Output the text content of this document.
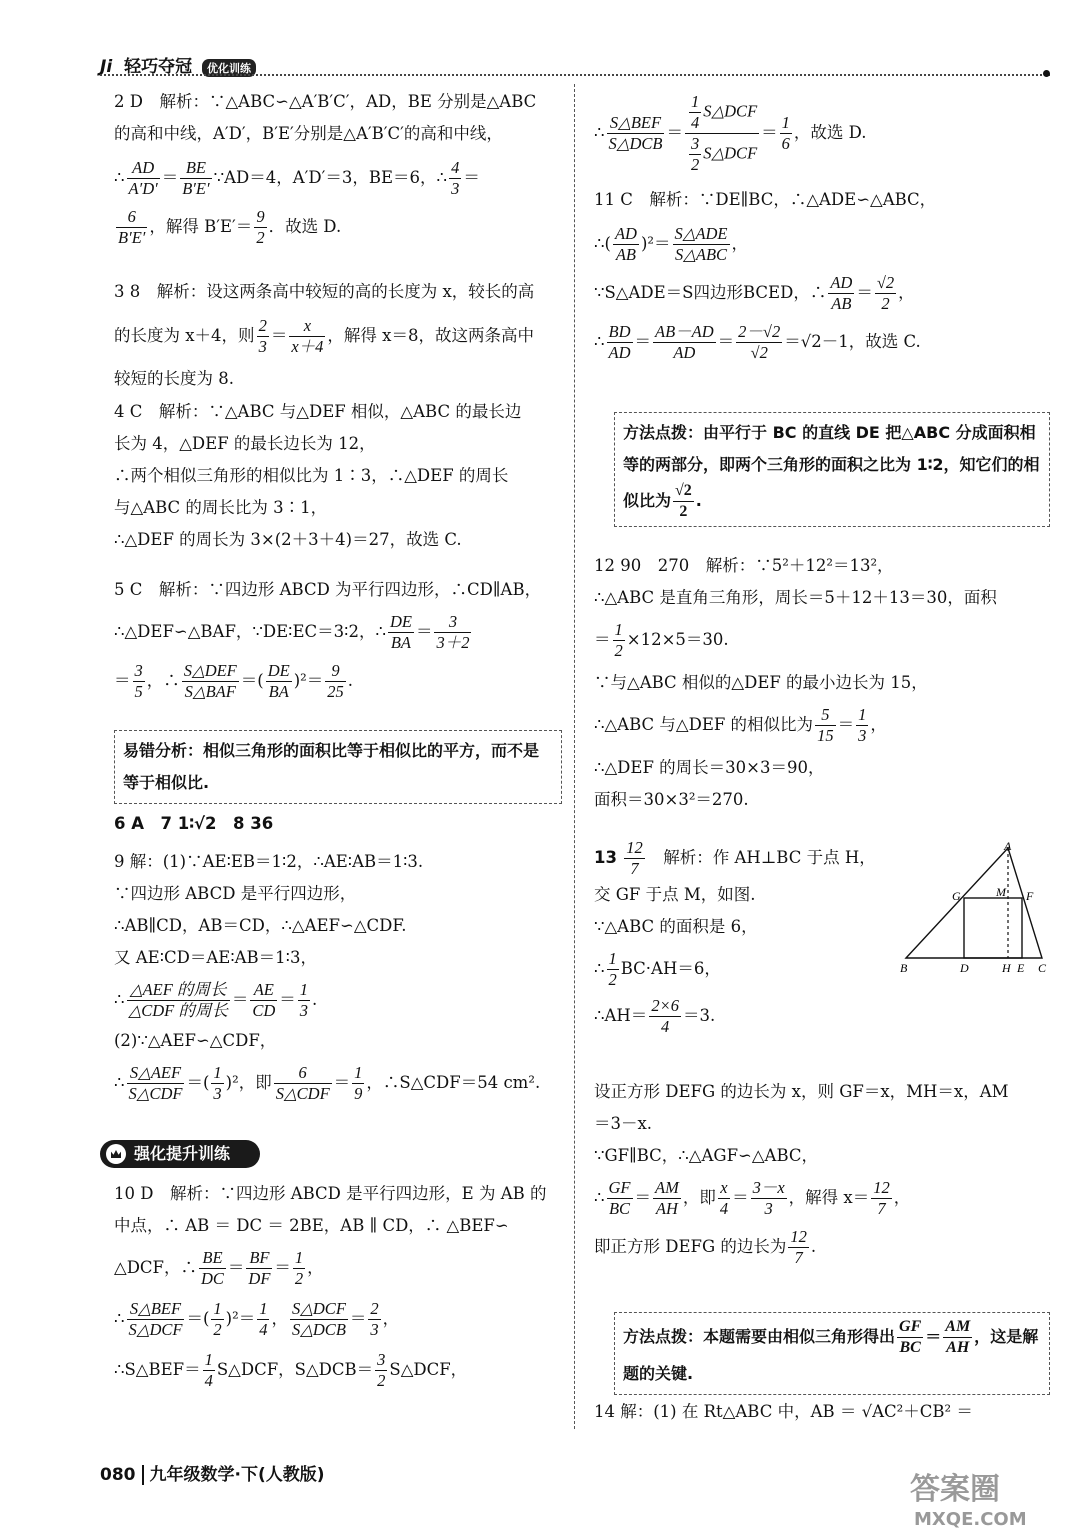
Ji 轻巧夺冠 优化训练
2 D　解析：∵△ABC∽△A′B′C′，AD，BE 分别是△ABC
的高和中线，A′D′，B′E′分别是△A′B′C′的高和中线，
∴ $\frac{AD}{A'D'} = \frac{BE}{B'E'}$ ∵AD＝4，A′D′＝3，BE＝6，∴ $\frac{4}{3}$ ＝
$\frac{6}{B'E'}$ ，解得 $B'E'= \frac{9}{2}$ ．故选 D.
3 8　解析：设这两条高中较短的高的长度为 x，较长的高
的长度为 x＋4，则 $\frac{2}{3} = \frac{x}{x+4}$ ，解得 x＝8，故这两条高中
较短的长度为 8.
4 C　解析：∵△ABC 与△DEF 相似，△ABC 的最长边
长为 4，△DEF 的最长边长为 12，
∴两个相似三角形的相似比为 1∶3，∴△DEF 的周长
与△ABC 的周长比为 3∶1，
∴△DEF 的周长为 3×(2＋3＋4)＝27，故选 C.
5 C　解析：∵四边形 ABCD 为平行四边形，∴CD∥AB，
∴△DEF∽△BAF，∵DE∶EC＝3∶2，∴ $\frac{DE}{BA} = \frac{3}{3+2}$
＝ $\frac{3}{5}$ ，∴ $\frac{\text{S△DEF}}{\text{S△BAF}}$ ＝( $\frac{DE}{BA} )^2= \frac{9}{25}$ .
6 A　7 1∶√2　8 36
9 解：(1)∵AE∶EB＝1∶2，∴AE∶AB＝1∶3.
∵四边形 ABCD 是平行四边形，
∴AB∥CD，AB＝CD，∴△AEF∽△CDF.
又 AE∶CD＝AE∶AB＝1∶3，
∴ $\frac{\text{△AEF 的周长}}{\text{△CDF 的周长}} = \frac{AE}{CD} = \frac{1}{3}$ .
(2)∵△AEF∽△CDF，
∴ $\frac{\text{S△AEF}}{\text{S△CDF}}$ ＝( $\frac{1}{3} )^2$，即 $\frac{6}{\text{S△CDF}} = \frac{1}{9}$ ，∴S△CDF＝54 cm².
10 D　解析：∵四边形 ABCD 是平行四边形，E 为 AB 的
中点，∴ AB ＝ DC ＝ 2BE，AB ∥ CD，∴ △BEF∽
△DCF，∴ $\frac{BE}{DC} = \frac{BF}{DF} = \frac{1}{2}$ ，
∴ $\frac{\text{S△BEF}}{\text{S△DCF}}$ ＝( $\frac{1}{2} )^2= \frac{1}{4}$ ， $\frac{\text{S△DCF}}{\text{S△DCB}} = \frac{2}{3}$ ，
∴S△BEF＝ $\frac{1}{4}$ S△DCF，S△DCB＝ $\frac{3}{2}$ S△DCF，
易错分析：相似三角形的面积比等于相似比的平方，而不是等于相似比.
强化提升训练
∴ $\frac{\text{S△BEF}}{\text{S△DCB}} = \frac{\frac{1}{4} S\triangle DCF}{\frac{3}{2} S\triangle DCF} = \frac{1}{6}$ ，故选 D.
11 C　解析：∵DE∥BC，∴△ADE∽△ABC，
∴( $\frac{AD}{AB} )^2= \frac{\text{S△ADE}}{\text{S△ABC}}$ ，
∵S△ADE＝S四边形BCED，∴ $\frac{AD}{AB} = \frac{√2}{2}$ ，
∴ $\frac{BD}{AD} = \frac{AB-AD}{AD} = \frac{2-√2}{√2} =√2-1$，故选 C.
12 90　270　解析：∵5²＋12²＝13²，
∴△ABC 是直角三角形，周长＝5＋12＋13＝30，面积
＝ $\frac{1}{2} \times 12\times 5=30$.
∵与△ABC 相似的△DEF 的最小边长为 15，
∴△ABC 与△DEF 的相似比为 $\frac{5}{15} = \frac{1}{3}$ ，
∴△DEF 的周长＝30×3＝90，
面积＝30×3²＝270.
$13 \frac{12}{7}$
　 解析：作 AH⊥BC 于点 H，
交 GF 于点 M，如图.
∵△ABC 的面积是 6，
∴ $\frac{1}{2} BC\cdot AH=6$，
∴AH＝ $\frac{2\times 6}{4} =3$.
设正方形 DEFG 的边长为 x，则 GF＝x，MH＝x，AM
＝3－x.
∵GF∥BC，∴△AGF∽△ABC，
∴ $\frac{GF}{BC} = \frac{AM}{AH}$ ，即 $\frac{x}{4} = \frac{3-x}{3}$ ，解得 $x= \frac{12}{7}$ ，
即正方形 DEFG 的边长为 $\frac{12}{7}$ .
14 解：(1) 在 Rt△ABC 中，AB ＝ √AC²＋CB² ＝
方法点拨：由平行于 BC 的直线 DE 把△ABC 分成面积相等的两部分，即两个三角形的面积之比为 1∶2，知它们的相似比为 $\frac{√2}{2}$ .
方法点拨：本题需要由相似三角形得出 $\frac{GF}{BC} = \frac{AM}{AH}$ ，这是解题的关键.
A
G	M F
B	D	H E C
080 九年级数学·下(人教版)	答案圈
MXQE.COM
